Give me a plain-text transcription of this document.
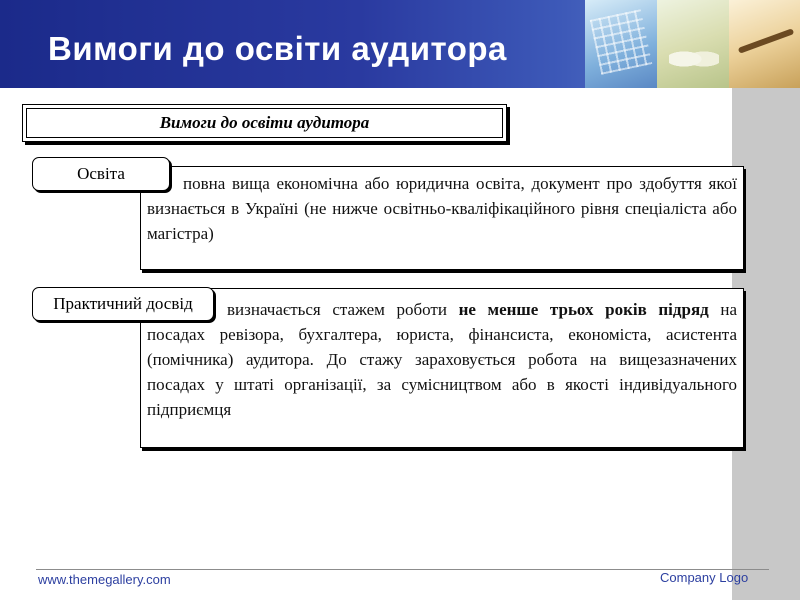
Вимоги до освіти аудитора
Вимоги до освіти аудитора
повна вища економічна або юридична освіта, документ про здобуття якої визнається в Україні (не нижче освітньо-кваліфікаційного рівня спеціаліста або магістра)
Освіта
визначається стажем роботи не менше трьох років підряд на посадах ревізора, бухгалтера, юриста, фінансиста, економіста, асистента (помічника) аудитора. До стажу зараховується робота на вищезазначених посадах у штаті організації, за сумісництвом або в якості індивідуального підприємця
Практичний досвід
www.themegallery.com	Company Logo
